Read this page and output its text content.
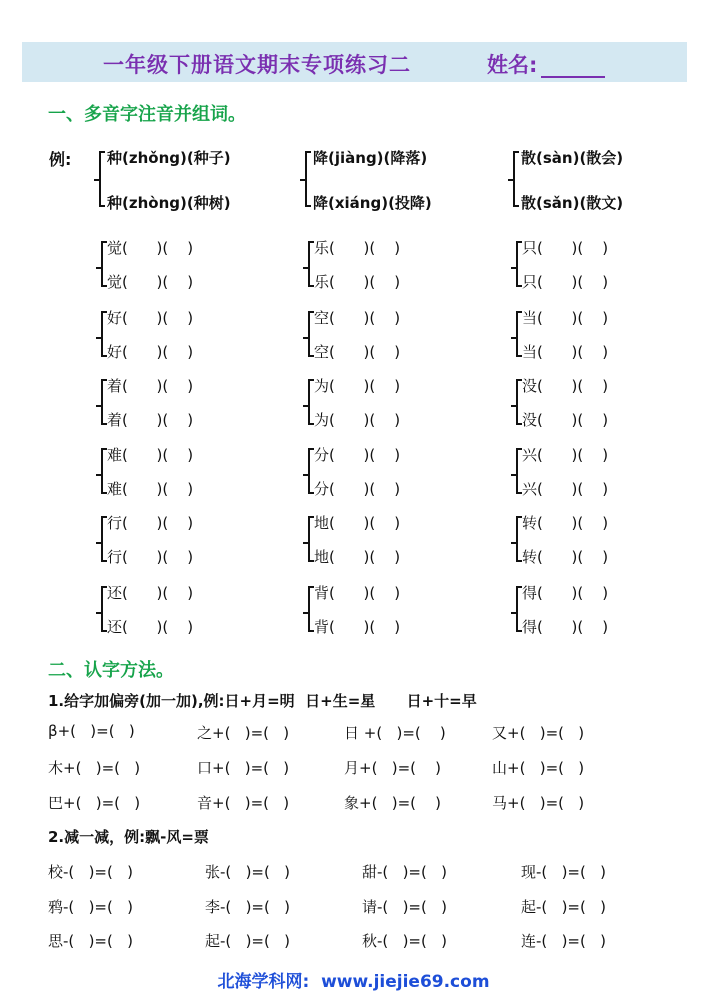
一年级下册语文期末专项练习二	姓名:
一、多音字注音并组词。
例: 种(zhǒng)(种子)
种(zhòng)(种树)
降(jiàng)(降落)
降(xiáng)(投降)
散(sàn)(散会)
散(sǎn)(散文)
觉(      )(    )
觉(      )(    )
乐(      )(    )
乐(      )(    )
只(      )(    )
只(      )(    )
好(      )(    )
好(      )(    )
空(      )(    )
空(      )(    )
当(      )(    )
当(      )(    )
着(      )(    )
着(      )(    )
为(      )(    )
为(      )(    )
没(      )(    )
没(      )(    )
难(      )(    )
难(      )(    )
分(      )(    )
分(      )(    )
兴(      )(    )
兴(      )(    )
行(      )(    )
行(      )(    )
地(      )(    )
地(      )(    )
转(      )(    )
转(      )(    )
还(      )(    )
还(      )(    )
背(      )(    )
背(      )(    )
得(      )(    )
得(      )(    )
二、认字方法。
1.给字加偏旁(加一加),例:日+月=明  日+生=星      日+十=早
β+(   )=(   )	之+(   )=(   )	日 +(   )=(    )	又+(   )=(   )
木+(   )=(   )	口+(   )=(   )	月+(   )=(    )	山+(   )=(   )
巴+(   )=(   )	音+(   )=(   )	象+(   )=(    )	马+(   )=(   )
2.减一减，例:飘-风=票
校-(   )=(   )	张-(   )=(   )	甜-(   )=(   )	现-(   )=(   )
鸦-(   )=(   )	李-(   )=(   )	请-(   )=(   )	起-(   )=(   )
思-(   )=(   )	起-(   )=(   )	秋-(   )=(   )	连-(   )=(   )
北海学科网:  www.jiejie69.com
